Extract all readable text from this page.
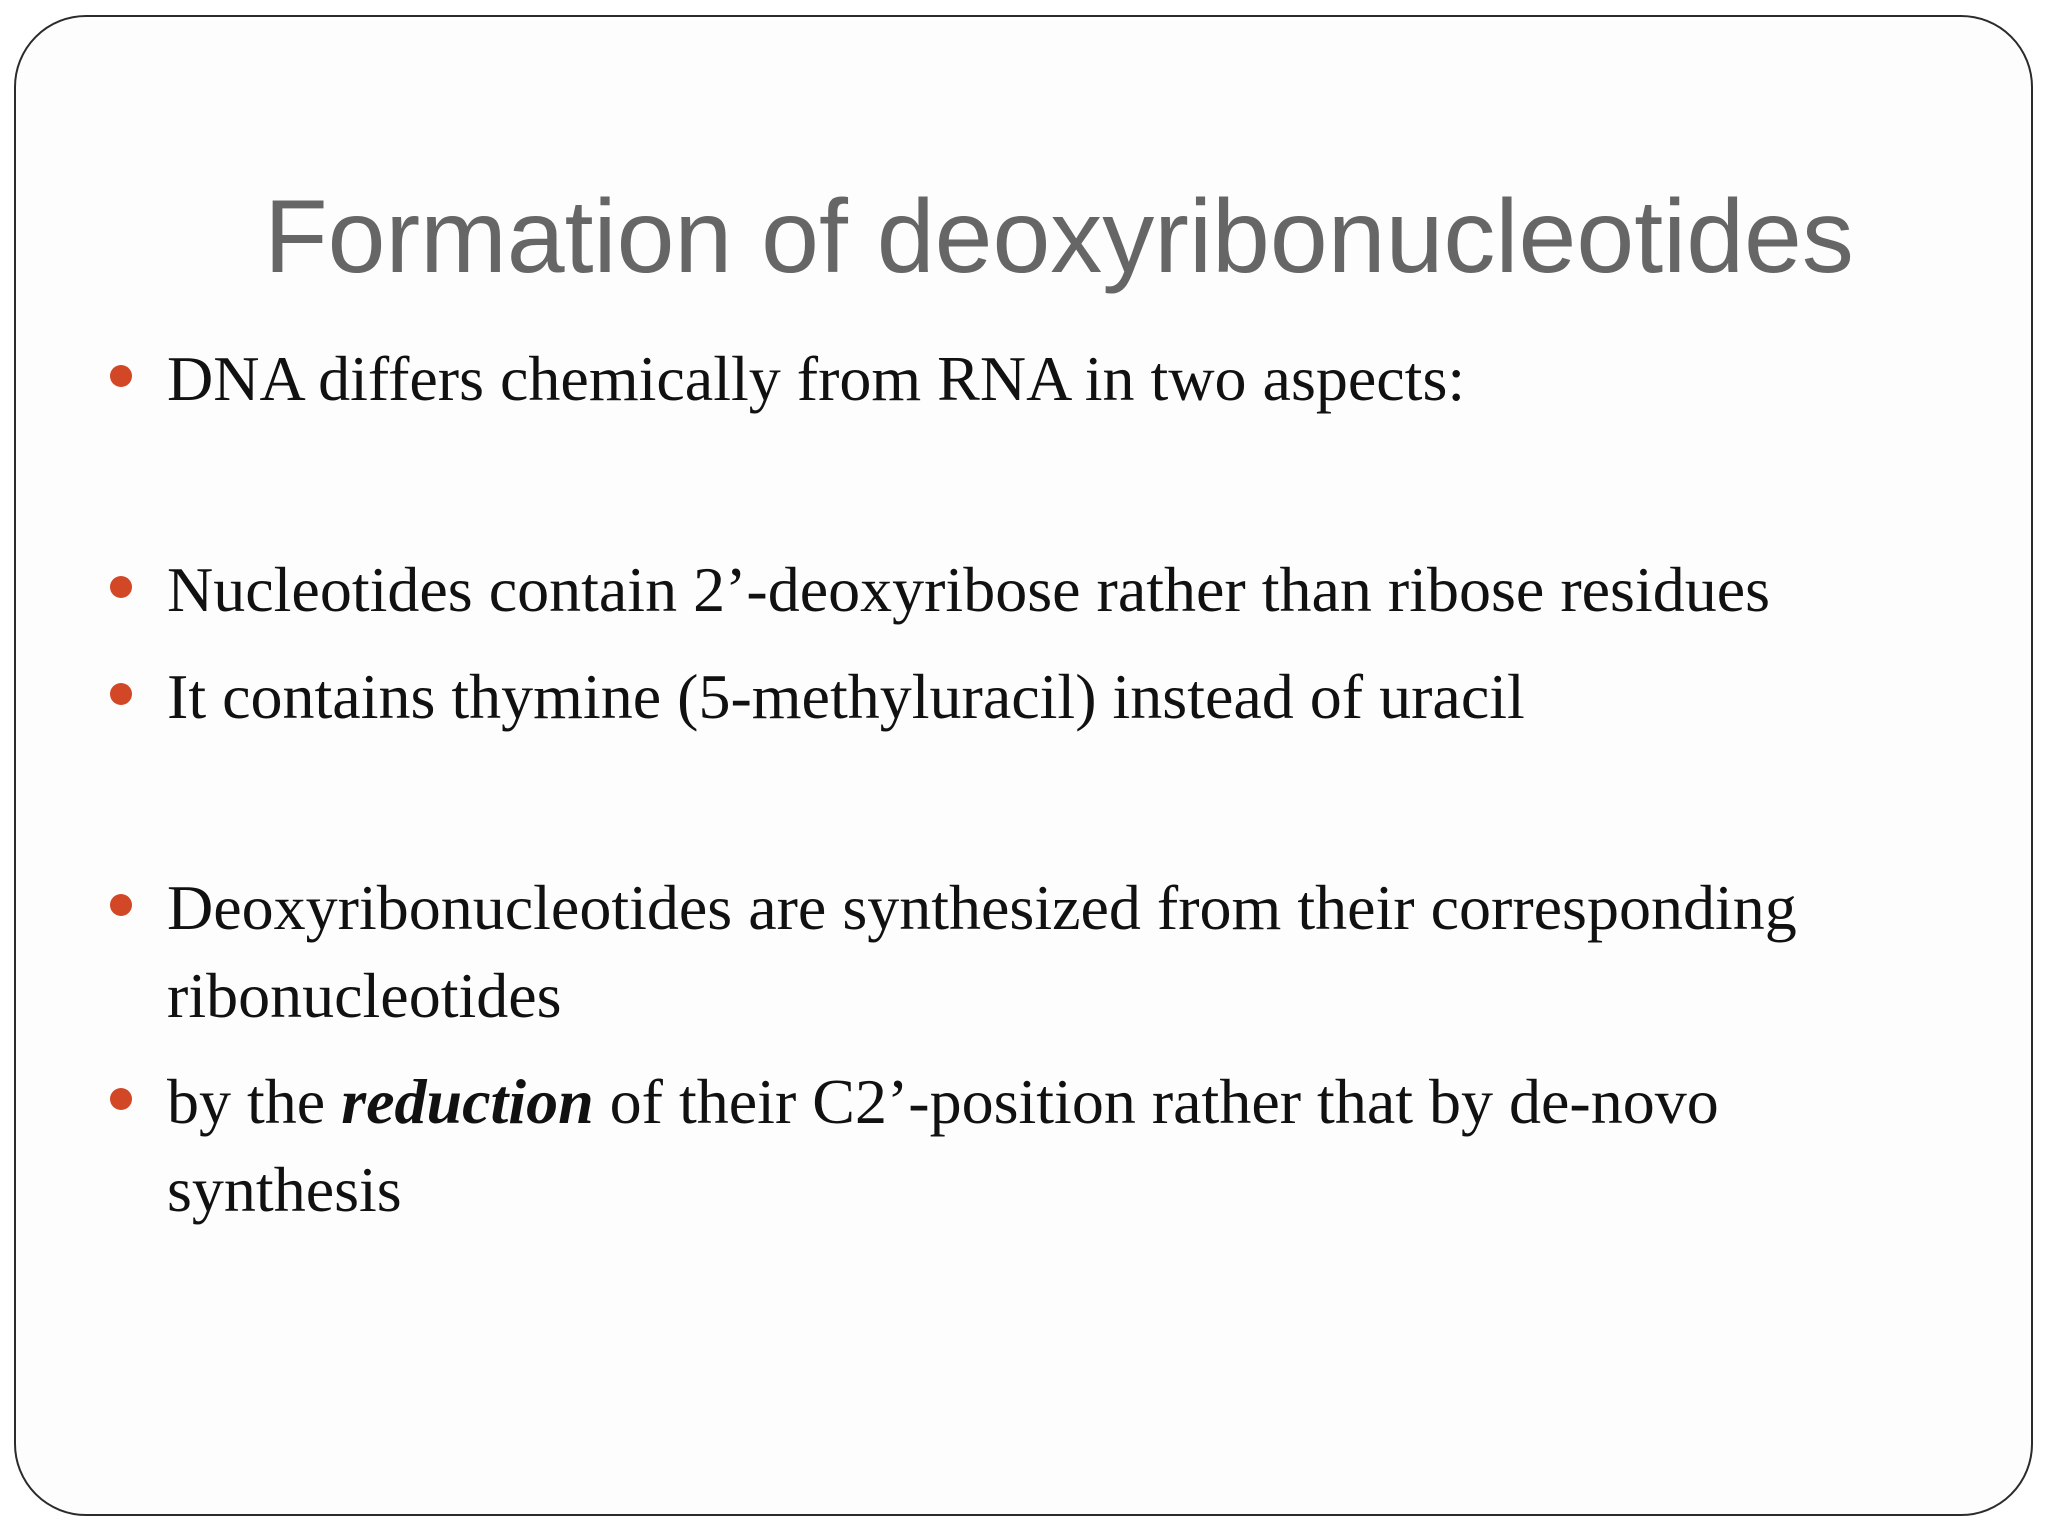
Formation of deoxyribonucleotides
DNA differs chemically from RNA in two aspects:
Nucleotides contain 2’-deoxyribose rather than ribose residues
It contains thymine (5-methyluracil) instead of uracil
Deoxyribonucleotides are synthesized from their corresponding ribonucleotides
by the reduction of their C2’-position rather that by de-novo synthesis
